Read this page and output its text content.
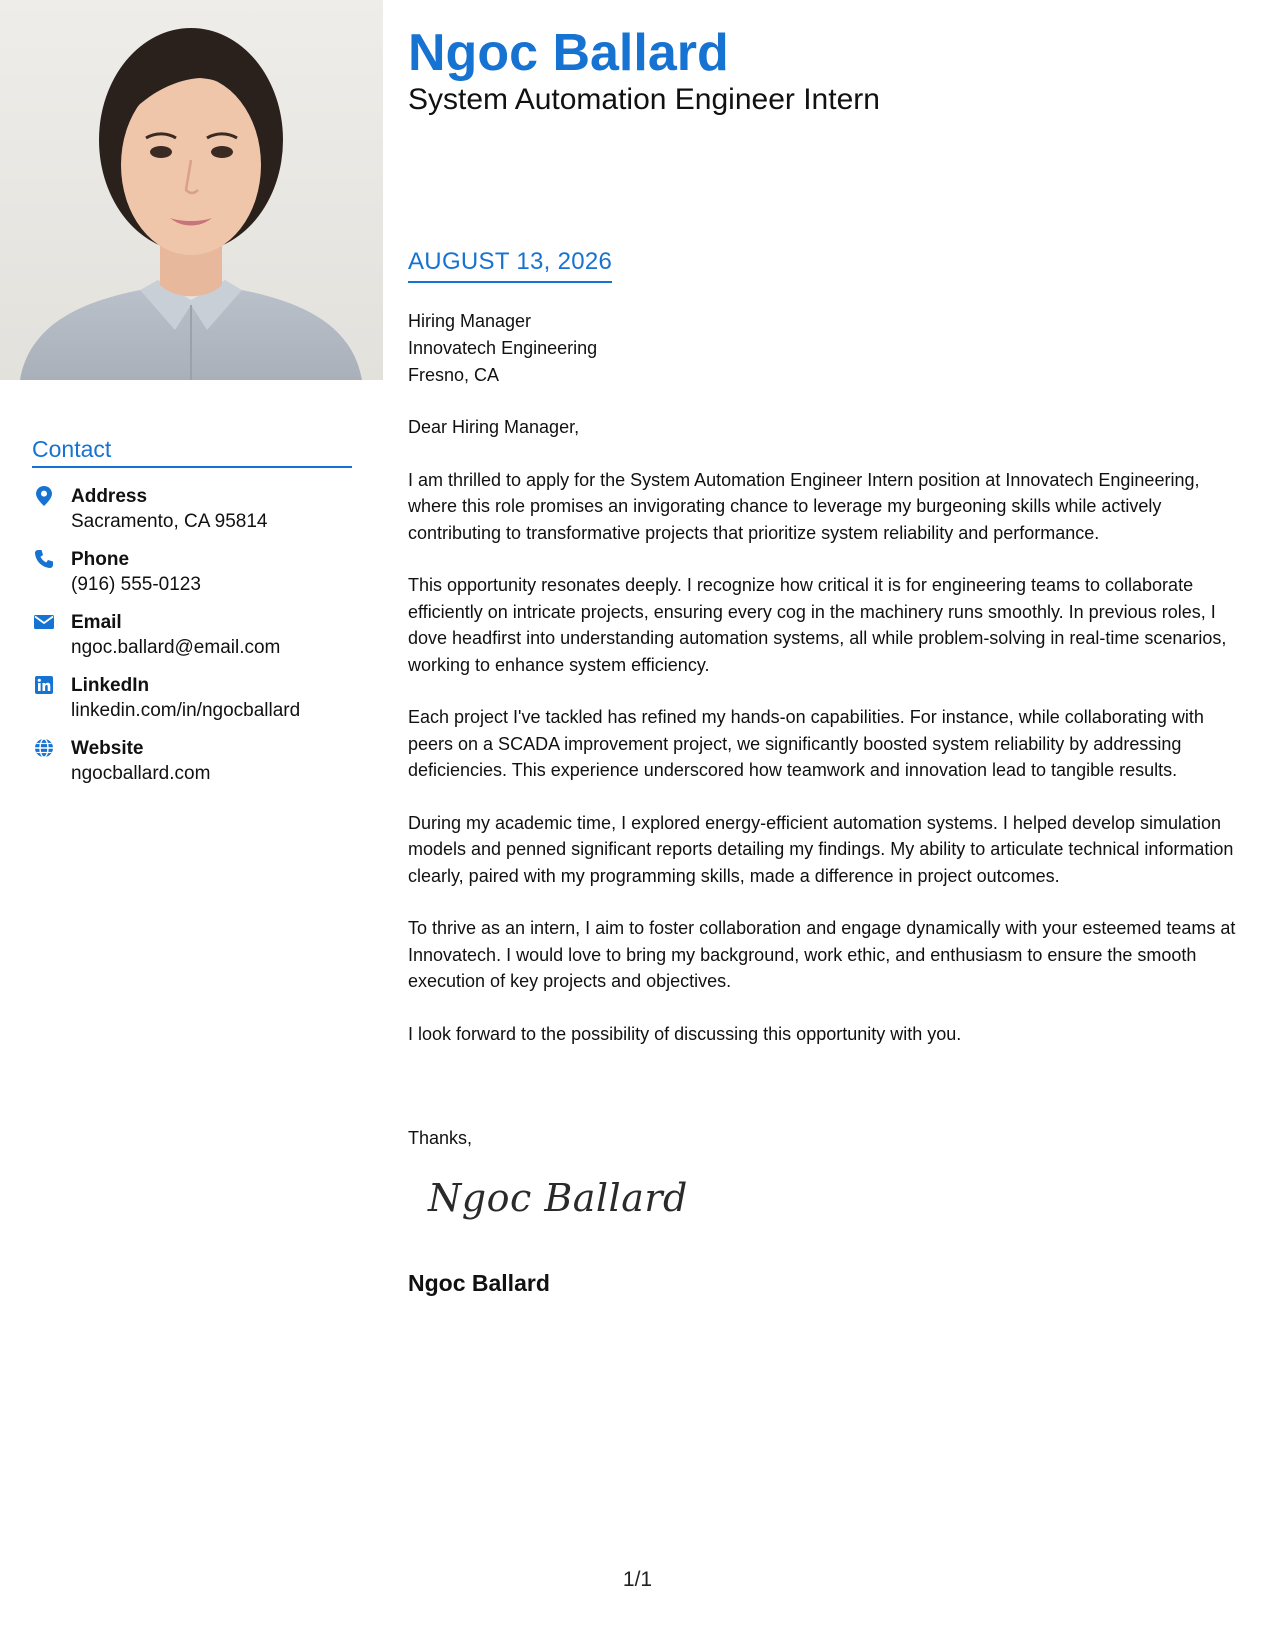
Contact
Address
Sacramento, CA 95814
Phone
(916) 555-0123
Email
ngoc.ballard@email.com
LinkedIn
linkedin.com/in/ngocballard
Website
ngocballard.com
Ngoc Ballard
System Automation Engineer Intern
AUGUST 13, 2026
Hiring Manager
Innovatech Engineering
Fresno, CA

Dear Hiring Manager,

I am thrilled to apply for the System Automation Engineer Intern position at Innovatech Engineering, where this role promises an invigorating chance to leverage my burgeoning skills while actively contributing to transformative projects that prioritize system reliability and performance.

This opportunity resonates deeply. I recognize how critical it is for engineering teams to collaborate efficiently on intricate projects, ensuring every cog in the machinery runs smoothly. In previous roles, I dove headfirst into understanding automation systems, all while problem-solving in real-time scenarios, working to enhance system efficiency.

Each project I've tackled has refined my hands-on capabilities. For instance, while collaborating with peers on a SCADA improvement project, we significantly boosted system reliability by addressing deficiencies. This experience underscored how teamwork and innovation lead to tangible results.

During my academic time, I explored energy-efficient automation systems. I helped develop simulation models and penned significant reports detailing my findings. My ability to articulate technical information clearly, paired with my programming skills, made a difference in project outcomes.

To thrive as an intern, I aim to foster collaboration and engage dynamically with your esteemed teams at Innovatech. I would love to bring my background, work ethic, and enthusiasm to ensure the smooth execution of key projects and objectives.

I look forward to the possibility of discussing this opportunity with you.

Thanks,
Ngoc Ballard
Ngoc Ballard
1/1
